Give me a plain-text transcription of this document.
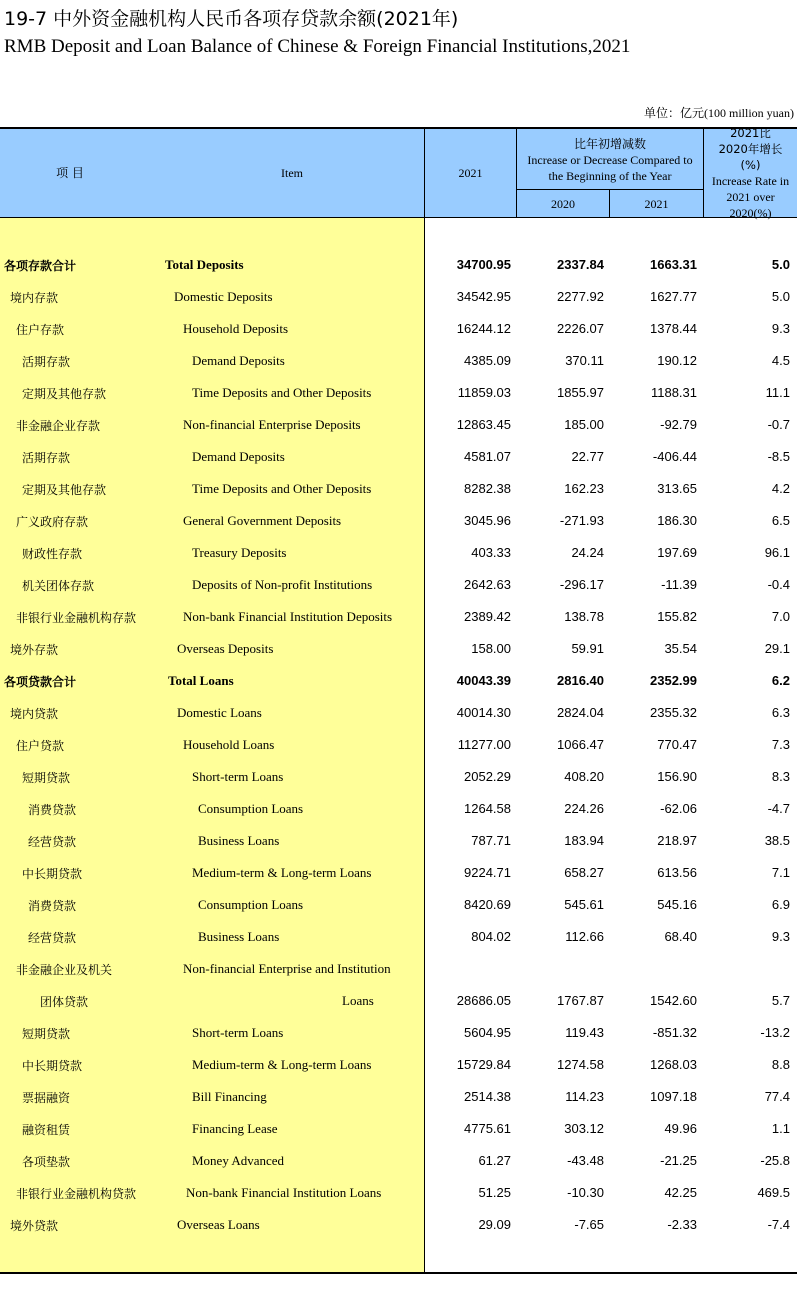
19-7 中外资金融机构人民币各项存贷款余额(2021年)
RMB Deposit and Loan Balance of Chinese & Foreign Financial Institutions,2021
单位：亿元(100 million yuan)
项 目	Item	2021
比年初增减数
Increase or Decrease Compared to the Beginning of the Year
2020	2021
2021比2020年增长(%)
Increase Rate in 2021 over 2020(%)
各项存款合计	Total Deposits	34700.95	2337.84	1663.31	5.0
境内存款	Domestic Deposits	34542.95	2277.92	1627.77	5.0
住户存款	Household Deposits	16244.12	2226.07	1378.44	9.3
活期存款	Demand Deposits	4385.09	370.11	190.12	4.5
定期及其他存款	Time Deposits and Other Deposits	11859.03	1855.97	1188.31	11.1
非金融企业存款	Non-financial Enterprise Deposits	12863.45	185.00	-92.79	-0.7
活期存款	Demand Deposits	4581.07	22.77	-406.44	-8.5
定期及其他存款	Time Deposits and Other Deposits	8282.38	162.23	313.65	4.2
广义政府存款	General Government Deposits	3045.96	-271.93	186.30	6.5
财政性存款	Treasury Deposits	403.33	24.24	197.69	96.1
机关团体存款	Deposits of Non-profit Institutions	2642.63	-296.17	-11.39	-0.4
非银行业金融机构存款	Non-bank Financial Institution Deposits	2389.42	138.78	155.82	7.0
境外存款	Overseas Deposits	158.00	59.91	35.54	29.1
各项贷款合计	Total Loans	40043.39	2816.40	2352.99	6.2
境内贷款	Domestic Loans	40014.30	2824.04	2355.32	6.3
住户贷款	Household Loans	11277.00	1066.47	770.47	7.3
短期贷款	Short-term Loans	2052.29	408.20	156.90	8.3
消费贷款	Consumption Loans	1264.58	224.26	-62.06	-4.7
经营贷款	Business Loans	787.71	183.94	218.97	38.5
中长期贷款	Medium-term & Long-term Loans	9224.71	658.27	613.56	7.1
消费贷款	Consumption Loans	8420.69	545.61	545.16	6.9
经营贷款	Business Loans	804.02	112.66	68.40	9.3
非金融企业及机关	Non-financial Enterprise and Institution
团体贷款	Loans	28686.05	1767.87	1542.60	5.7
短期贷款	Short-term Loans	5604.95	119.43	-851.32	-13.2
中长期贷款	Medium-term & Long-term Loans	15729.84	1274.58	1268.03	8.8
票据融资	Bill Financing	2514.38	114.23	1097.18	77.4
融资租赁	Financing Lease	4775.61	303.12	49.96	1.1
各项垫款	Money Advanced	61.27	-43.48	-21.25	-25.8
非银行业金融机构贷款	Non-bank Financial Institution Loans	51.25	-10.30	42.25	469.5
境外贷款	Overseas Loans	29.09	-7.65	-2.33	-7.4
